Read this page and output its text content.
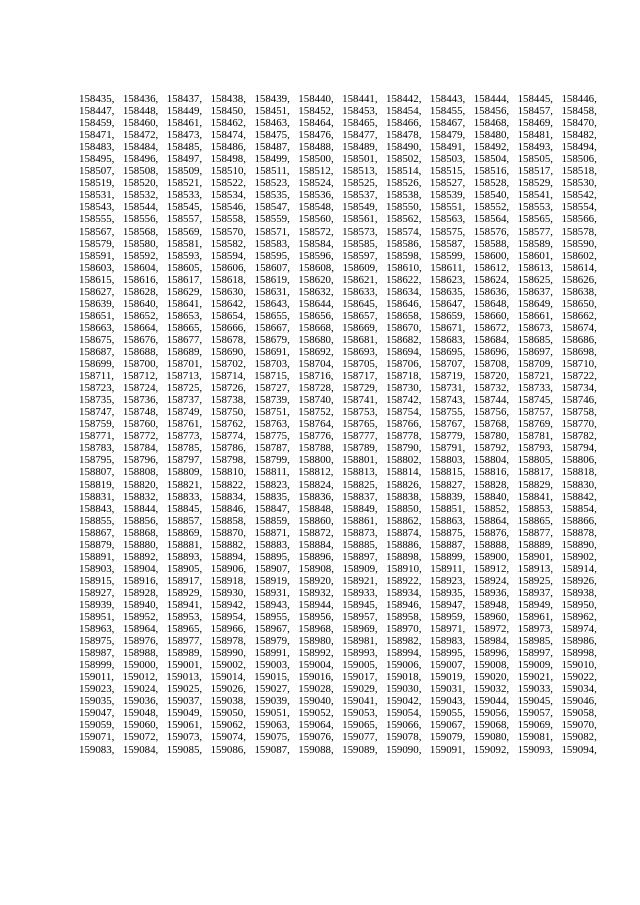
158435, 158436, 158437, 158438, 158439, 158440, 158441, 158442, 158443, 158444, 158445, 158446,
158447, 158448, 158449, 158450, 158451, 158452, 158453, 158454, 158455, 158456, 158457, 158458,
158459, 158460, 158461, 158462, 158463, 158464, 158465, 158466, 158467, 158468, 158469, 158470,
158471, 158472, 158473, 158474, 158475, 158476, 158477, 158478, 158479, 158480, 158481, 158482,
158483, 158484, 158485, 158486, 158487, 158488, 158489, 158490, 158491, 158492, 158493, 158494,
158495, 158496, 158497, 158498, 158499, 158500, 158501, 158502, 158503, 158504, 158505, 158506,
158507, 158508, 158509, 158510, 158511, 158512, 158513, 158514, 158515, 158516, 158517, 158518,
158519, 158520, 158521, 158522, 158523, 158524, 158525, 158526, 158527, 158528, 158529, 158530,
158531, 158532, 158533, 158534, 158535, 158536, 158537, 158538, 158539, 158540, 158541, 158542,
158543, 158544, 158545, 158546, 158547, 158548, 158549, 158550, 158551, 158552, 158553, 158554,
158555, 158556, 158557, 158558, 158559, 158560, 158561, 158562, 158563, 158564, 158565, 158566,
158567, 158568, 158569, 158570, 158571, 158572, 158573, 158574, 158575, 158576, 158577, 158578,
158579, 158580, 158581, 158582, 158583, 158584, 158585, 158586, 158587, 158588, 158589, 158590,
158591, 158592, 158593, 158594, 158595, 158596, 158597, 158598, 158599, 158600, 158601, 158602,
158603, 158604, 158605, 158606, 158607, 158608, 158609, 158610, 158611, 158612, 158613, 158614,
158615, 158616, 158617, 158618, 158619, 158620, 158621, 158622, 158623, 158624, 158625, 158626,
158627, 158628, 158629, 158630, 158631, 158632, 158633, 158634, 158635, 158636, 158637, 158638,
158639, 158640, 158641, 158642, 158643, 158644, 158645, 158646, 158647, 158648, 158649, 158650,
158651, 158652, 158653, 158654, 158655, 158656, 158657, 158658, 158659, 158660, 158661, 158662,
158663, 158664, 158665, 158666, 158667, 158668, 158669, 158670, 158671, 158672, 158673, 158674,
158675, 158676, 158677, 158678, 158679, 158680, 158681, 158682, 158683, 158684, 158685, 158686,
158687, 158688, 158689, 158690, 158691, 158692, 158693, 158694, 158695, 158696, 158697, 158698,
158699, 158700, 158701, 158702, 158703, 158704, 158705, 158706, 158707, 158708, 158709, 158710,
158711, 158712, 158713, 158714, 158715, 158716, 158717, 158718, 158719, 158720, 158721, 158722,
158723, 158724, 158725, 158726, 158727, 158728, 158729, 158730, 158731, 158732, 158733, 158734,
158735, 158736, 158737, 158738, 158739, 158740, 158741, 158742, 158743, 158744, 158745, 158746,
158747, 158748, 158749, 158750, 158751, 158752, 158753, 158754, 158755, 158756, 158757, 158758,
158759, 158760, 158761, 158762, 158763, 158764, 158765, 158766, 158767, 158768, 158769, 158770,
158771, 158772, 158773, 158774, 158775, 158776, 158777, 158778, 158779, 158780, 158781, 158782,
158783, 158784, 158785, 158786, 158787, 158788, 158789, 158790, 158791, 158792, 158793, 158794,
158795, 158796, 158797, 158798, 158799, 158800, 158801, 158802, 158803, 158804, 158805, 158806,
158807, 158808, 158809, 158810, 158811, 158812, 158813, 158814, 158815, 158816, 158817, 158818,
158819, 158820, 158821, 158822, 158823, 158824, 158825, 158826, 158827, 158828, 158829, 158830,
158831, 158832, 158833, 158834, 158835, 158836, 158837, 158838, 158839, 158840, 158841, 158842,
158843, 158844, 158845, 158846, 158847, 158848, 158849, 158850, 158851, 158852, 158853, 158854,
158855, 158856, 158857, 158858, 158859, 158860, 158861, 158862, 158863, 158864, 158865, 158866,
158867, 158868, 158869, 158870, 158871, 158872, 158873, 158874, 158875, 158876, 158877, 158878,
158879, 158880, 158881, 158882, 158883, 158884, 158885, 158886, 158887, 158888, 158889, 158890,
158891, 158892, 158893, 158894, 158895, 158896, 158897, 158898, 158899, 158900, 158901, 158902,
158903, 158904, 158905, 158906, 158907, 158908, 158909, 158910, 158911, 158912, 158913, 158914,
158915, 158916, 158917, 158918, 158919, 158920, 158921, 158922, 158923, 158924, 158925, 158926,
158927, 158928, 158929, 158930, 158931, 158932, 158933, 158934, 158935, 158936, 158937, 158938,
158939, 158940, 158941, 158942, 158943, 158944, 158945, 158946, 158947, 158948, 158949, 158950,
158951, 158952, 158953, 158954, 158955, 158956, 158957, 158958, 158959, 158960, 158961, 158962,
158963, 158964, 158965, 158966, 158967, 158968, 158969, 158970, 158971, 158972, 158973, 158974,
158975, 158976, 158977, 158978, 158979, 158980, 158981, 158982, 158983, 158984, 158985, 158986,
158987, 158988, 158989, 158990, 158991, 158992, 158993, 158994, 158995, 158996, 158997, 158998,
158999, 159000, 159001, 159002, 159003, 159004, 159005, 159006, 159007, 159008, 159009, 159010,
159011, 159012, 159013, 159014, 159015, 159016, 159017, 159018, 159019, 159020, 159021, 159022,
159023, 159024, 159025, 159026, 159027, 159028, 159029, 159030, 159031, 159032, 159033, 159034,
159035, 159036, 159037, 159038, 159039, 159040, 159041, 159042, 159043, 159044, 159045, 159046,
159047, 159048, 159049, 159050, 159051, 159052, 159053, 159054, 159055, 159056, 159057, 159058,
159059, 159060, 159061, 159062, 159063, 159064, 159065, 159066, 159067, 159068, 159069, 159070,
159071, 159072, 159073, 159074, 159075, 159076, 159077, 159078, 159079, 159080, 159081, 159082,
159083, 159084, 159085, 159086, 159087, 159088, 159089, 159090, 159091, 159092, 159093, 159094,
